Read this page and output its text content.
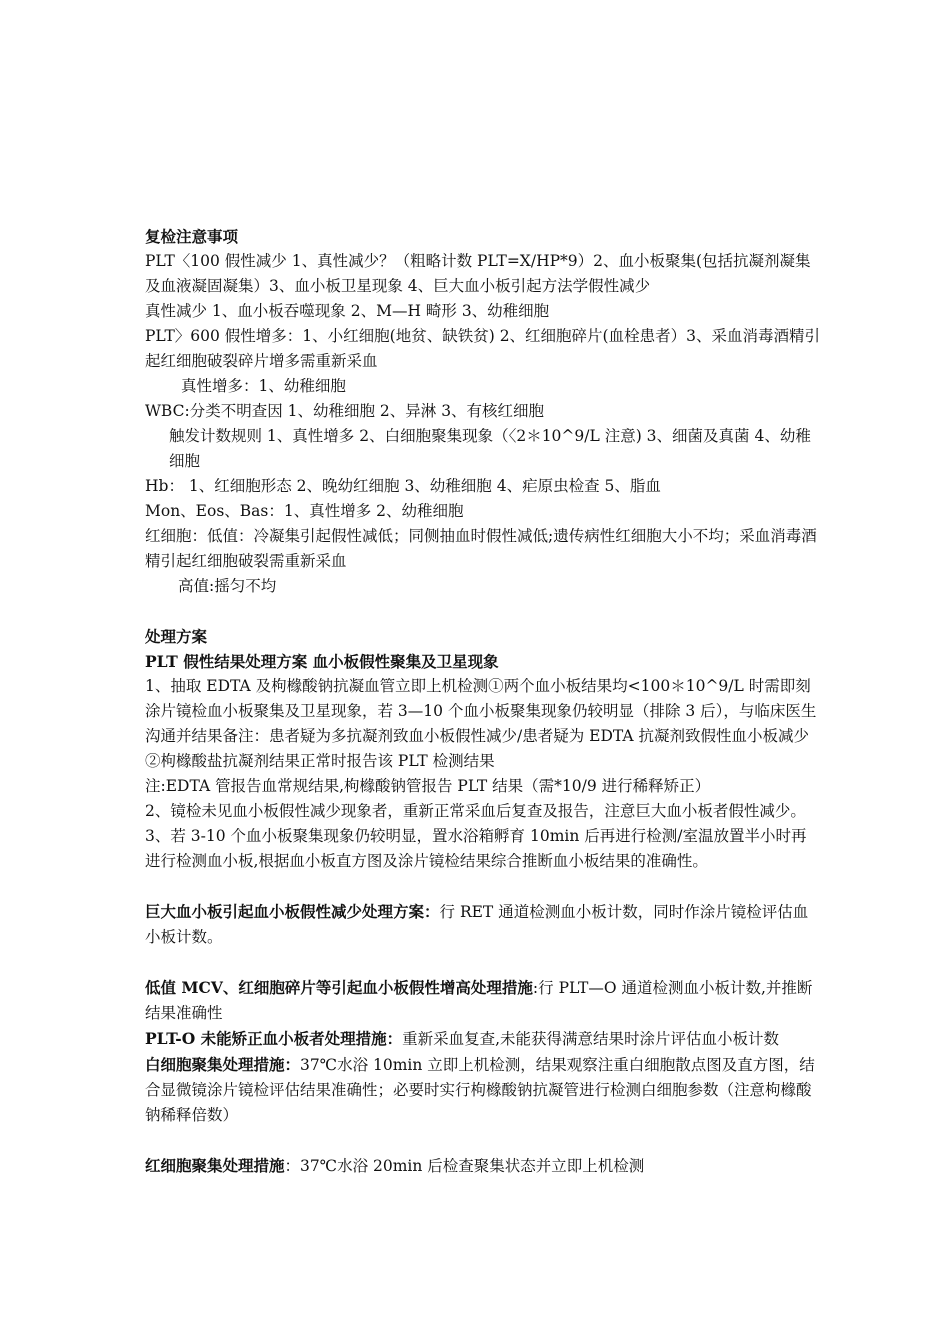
复检注意事项
PLT〈100 假性减少 1、真性减少？（粗略计数 PLT=X/HP*9）2、血小板聚集(包括抗凝剂凝集及血液凝固凝集）3、血小板卫星现象 4、巨大血小板引起方法学假性减少
真性减少 1、血小板吞噬现象 2、M—H 畸形 3、幼稚细胞
PLT〉600 假性增多：1、小红细胞(地贫、缺铁贫) 2、红细胞碎片(血栓患者）3、采血消毒酒精引起红细胞破裂碎片增多需重新采血
真性增多：1、幼稚细胞
WBC:分类不明查因 1、幼稚细胞 2、异淋 3、有核红细胞
触发计数规则 1、真性增多 2、白细胞聚集现象（〈2＊10^9/L 注意) 3、细菌及真菌 4、幼稚细胞
Hb： 1、红细胞形态 2、晚幼红细胞 3、幼稚细胞 4、疟原虫检查 5、脂血
Mon、Eos、Bas：1、真性增多 2、幼稚细胞
红细胞：低值：冷凝集引起假性减低；同侧抽血时假性减低;遗传病性红细胞大小不均；采血消毒酒精引起红细胞破裂需重新采血
高值:摇匀不均
处理方案
PLT 假性结果处理方案 血小板假性聚集及卫星现象
1、抽取 EDTA 及枸橼酸钠抗凝血管立即上机检测①两个血小板结果均<100＊10^9/L 时需即刻涂片镜检血小板聚集及卫星现象，若 3—10 个血小板聚集现象仍较明显（排除 3 后），与临床医生沟通并结果备注：患者疑为多抗凝剂致血小板假性减少/患者疑为 EDTA 抗凝剂致假性血小板减少②枸橼酸盐抗凝剂结果正常时报告该 PLT 检测结果
注:EDTA 管报告血常规结果,枸橼酸钠管报告 PLT 结果（需*10/9 进行稀释矫正）
2、镜检未见血小板假性减少现象者，重新正常采血后复查及报告，注意巨大血小板者假性减少。
3、若 3-10 个血小板聚集现象仍较明显，置水浴箱孵育 10min 后再进行检测/室温放置半小时再进行检测血小板,根据血小板直方图及涂片镜检结果综合推断血小板结果的准确性。
巨大血小板引起血小板假性减少处理方案：行 RET 通道检测血小板计数，同时作涂片镜检评估血小板计数。
低值 MCV、红细胞碎片等引起血小板假性增高处理措施:行 PLT—O 通道检测血小板计数,并推断结果准确性
PLT-O 未能矫正血小板者处理措施：重新采血复查,未能获得满意结果时涂片评估血小板计数
白细胞聚集处理措施：37℃水浴 10min 立即上机检测，结果观察注重白细胞散点图及直方图，结合显微镜涂片镜检评估结果准确性；必要时实行枸橼酸钠抗凝管进行检测白细胞参数（注意枸橼酸钠稀释倍数）
红细胞聚集处理措施：37℃水浴 20min 后检查聚集状态并立即上机检测
